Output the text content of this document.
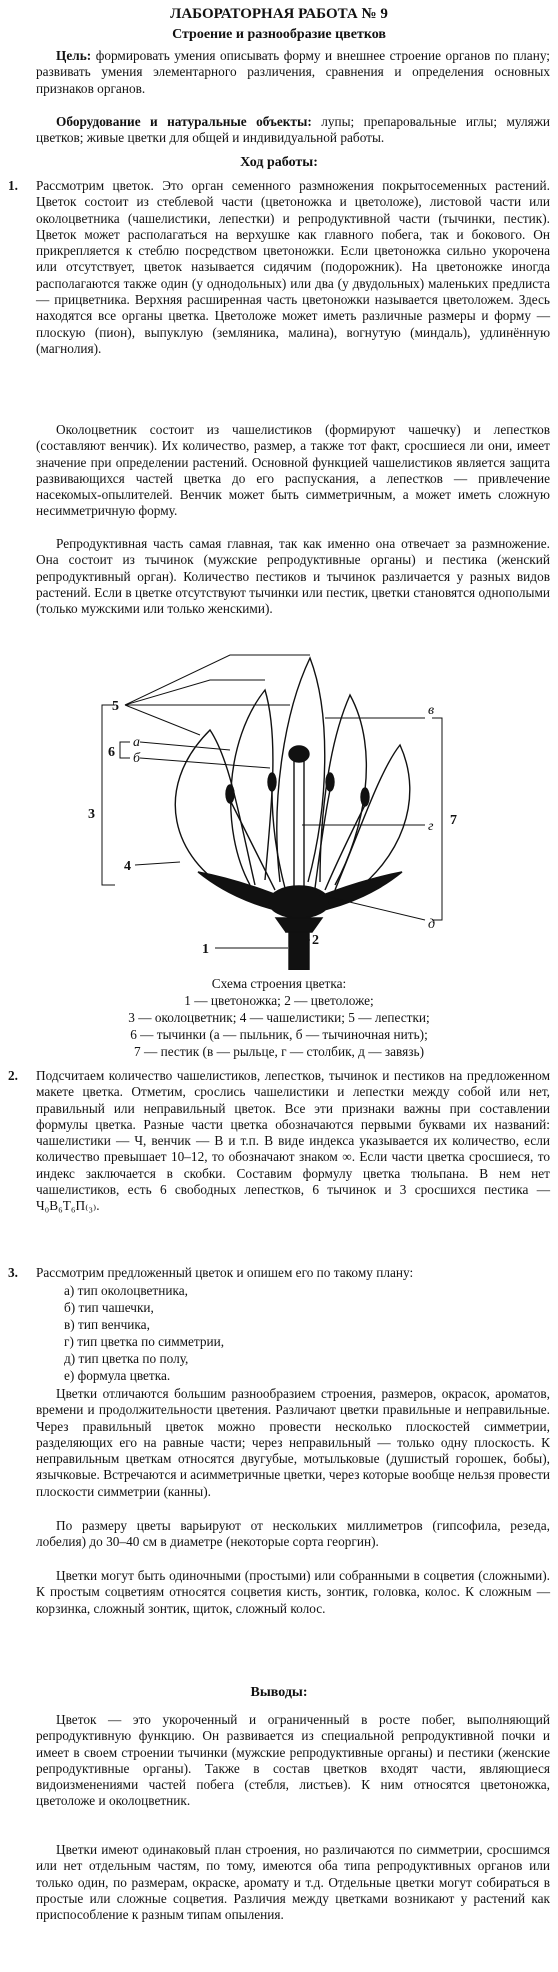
ЛАБОРАТОРНАЯ РАБОТА № 9
Строение и разнообразие цветков
Цель: формировать умения описывать форму и внешнее строение органов по плану; развивать умения элементарного различения, сравнения и определения основных признаков органов.
Оборудование и натуральные объекты: лупы; препаровальные иглы; муляжи цветков; живые цветки для общей и индивидуальной работы.
Ход работы:
1. Рассмотрим цветок. Это орган семенного размножения покрытосеменных растений. Цветок состоит из стеблевой части (цветоножка и цветоложе), листовой части или околоцветника (чашелистики, лепестки) и репродуктивной части (тычинки, пестик). Цветок может располагаться на верхушке как главного побега, так и бокового. Он прикрепляется к стеблю посредством цветоножки. Если цветоножка сильно укорочена или отсутствует, цветок называется сидячим (подорожник). На цветоножке иногда располагаются также один (у однодольных) или два (у двудольных) маленьких предлиста — прицветника. Верхняя расширенная часть цветоножки называется цветоложем. Здесь находятся все органы цветка. Цветоложе может иметь различные размеры и форму — плоскую (пион), выпуклую (земляника, малина), вогнутую (миндаль), удлинённую (магнолия).
Околоцветник состоит из чашелистиков (формируют чашечку) и лепестков (составляют венчик). Их количество, размер, а также тот факт, сросшиеся ли они, имеет значение при определении растений. Основной функцией чашелистиков является защита развивающихся частей цветка до его распускания, а лепестков — привлечение насекомых-опылителей. Венчик может быть симметричным, а может иметь сложную несимметричную форму.
Репродуктивная часть самая главная, так как именно она отвечает за размножение. Она состоит из тычинок (мужские репродуктивные органы) и пестика (женский репродуктивный орган). Количество пестиков и тычинок различается у разных видов растений. Если в цветке отсутствуют тычинки или пестик, цветки становятся однополыми (только мужскими или только женскими).
5
3
6
а
б
4
2
1
в
г
д
7
Схема строения цветка:
1 — цветоножка; 2 — цветоложе;
3 — околоцветник; 4 — чашелистики; 5 — лепестки;
6 — тычинки (а — пыльник, б — тычиночная нить);
7 — пестик (в — рыльце, г — столбик, д — завязь)
2. Подсчитаем количество чашелистиков, лепестков, тычинок и пестиков на предложенном макете цветка. Отметим, срослись чашелистики и лепестки между собой или нет, правильный или неправильный цветок. Все эти признаки важны при составлении формулы цветка. Разные части цветка обозначаются первыми буквами их названий: чашелистики — Ч, венчик — В и т.п. В виде индекса указывается их количество, если количество превышает 10–12, то обозначают знаком ∞. Если части цветка сросшиеся, то индекс заключается в скобки. Составим формулу цветка тюльпана. В нем нет чашелистиков, есть 6 свободных лепестков, 6 тычинок и 3 сросшихся пестика — Ч₀В₆Т₆П₍₃₎.
3. Рассмотрим предложенный цветок и опишем его по такому плану:
а) тип околоцветника,
б) тип чашечки,
в) тип венчика,
г) тип цветка по симметрии,
д) тип цветка по полу,
е) формула цветка.
Цветки отличаются большим разнообразием строения, размеров, окрасок, ароматов, времени и продолжительности цветения. Различают цветки правильные и неправильные. Через правильный цветок можно провести несколько плоскостей симметрии, разделяющих его на равные части; через неправильный — только одну плоскость. К неправильным цветкам относятся двугубые, мотыльковые (душистый горошек, бобы), язычковые. Встречаются и асимметричные цветки, через которые вообще нельзя провести плоскости симметрии (канны).
По размеру цветы варьируют от нескольких миллиметров (гипсофила, резеда, лобелия) до 30–40 см в диаметре (некоторые сорта георгин).
Цветки могут быть одиночными (простыми) или собранными в соцветия (сложными). К простым соцветиям относятся соцветия кисть, зонтик, головка, колос. К сложным — корзинка, сложный зонтик, щиток, сложный колос.
Выводы:
Цветок — это укороченный и ограниченный в росте побег, выполняющий репродуктивную функцию. Он развивается из специальной репродуктивной почки и имеет в своем строении тычинки (мужские репродуктивные органы) и пестики (женские репродуктивные органы). Также в состав цветков входят части, являющиеся видоизменениями частей побега (стебля, листьев). К ним относятся цветоножка, цветоложе и околоцветник.
Цветки имеют одинаковый план строения, но различаются по симметрии, сросшимся или нет отдельным частям, по тому, имеются оба типа репродуктивных органов или только один, по размерам, окраске, аромату и т.д. Отдельные цветки могут собираться в простые или сложные соцветия. Различия между цветками возникают у растений как приспособление к разным типам опыления.
